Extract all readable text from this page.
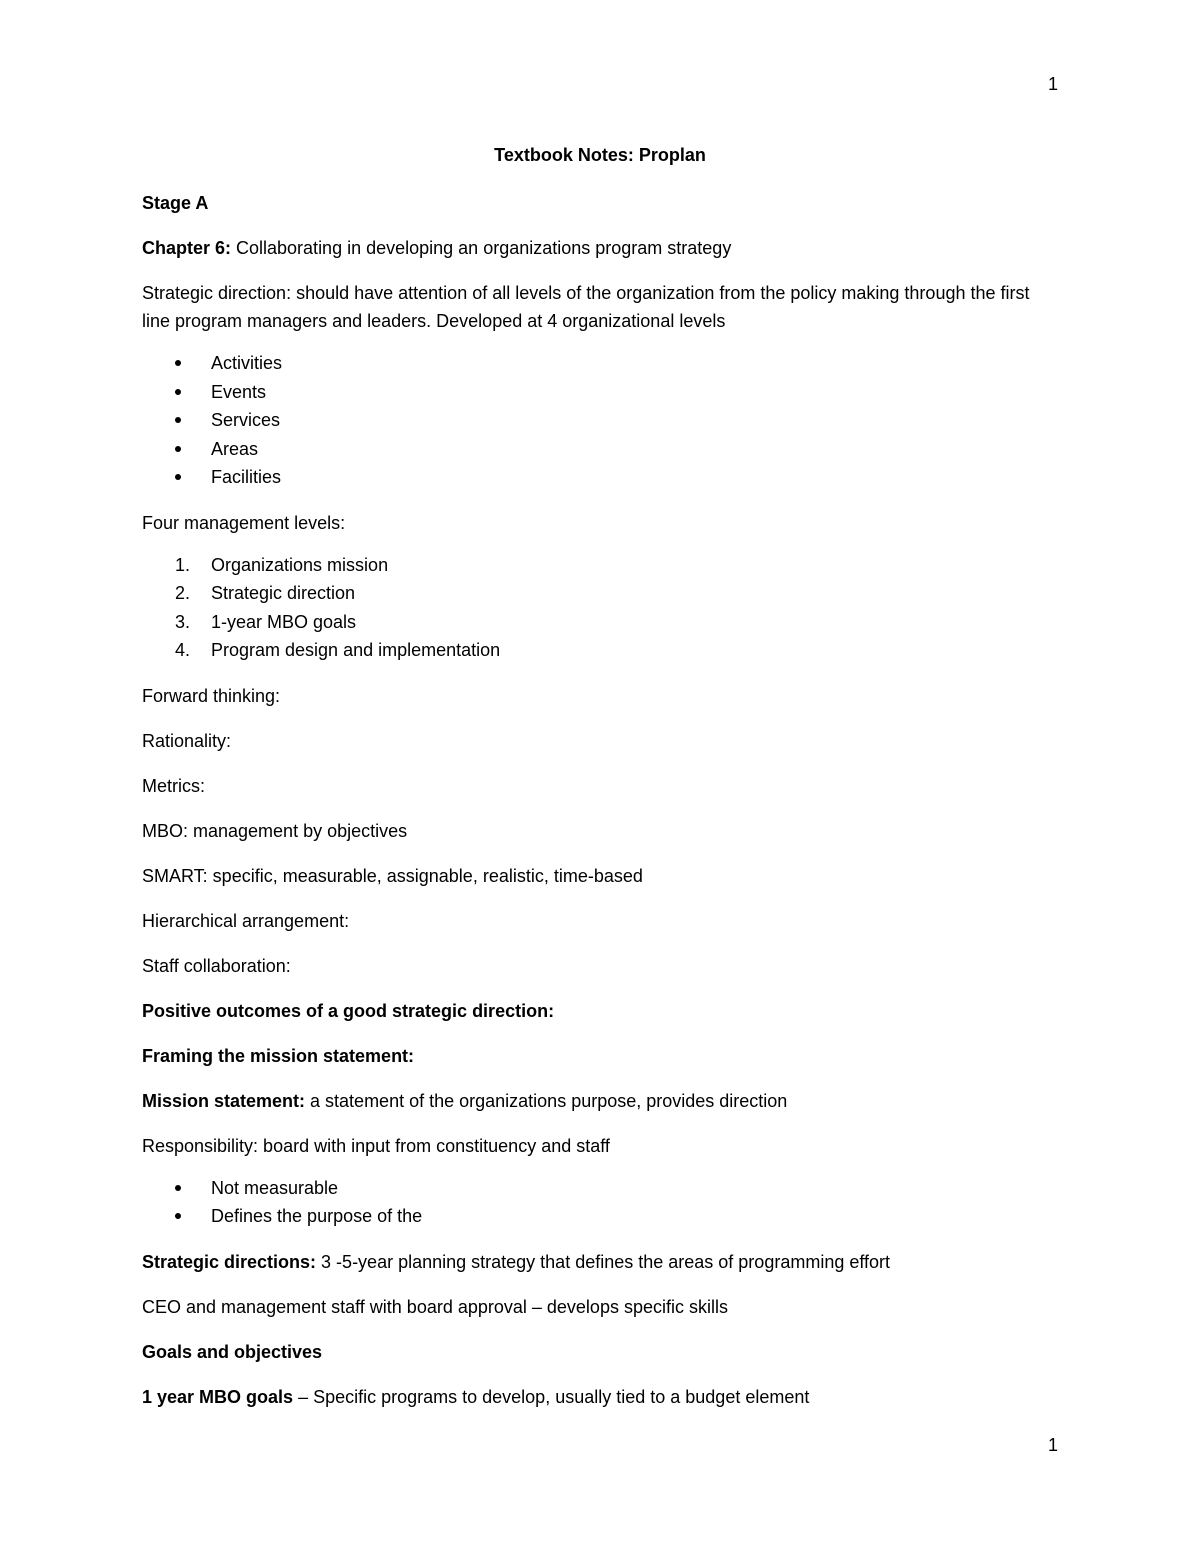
1
Textbook Notes: Proplan

Stage A

Chapter 6: Collaborating in developing an organizations program strategy

Strategic direction: should have attention of all levels of the organization from the policy making through the first line program managers and leaders. Developed at 4 organizational levels

Activities
Events
Services
Areas
Facilities

Four management levels:

1. Organizations mission
2. Strategic direction
3. 1-year MBO goals
4. Program design and implementation

Forward thinking:

Rationality:

Metrics:

MBO: management by objectives

SMART: specific, measurable, assignable, realistic, time-based

Hierarchical arrangement:

Staff collaboration:

Positive outcomes of a good strategic direction:

Framing the mission statement:

Mission statement: a statement of the organizations purpose, provides direction

Responsibility: board with input from constituency and staff

Not measurable
Defines the purpose of the

Strategic directions: 3 -5-year planning strategy that defines the areas of programming effort

CEO and management staff with board approval – develops specific skills

Goals and objectives

1 year MBO goals – Specific programs to develop, usually tied to a budget element

1
